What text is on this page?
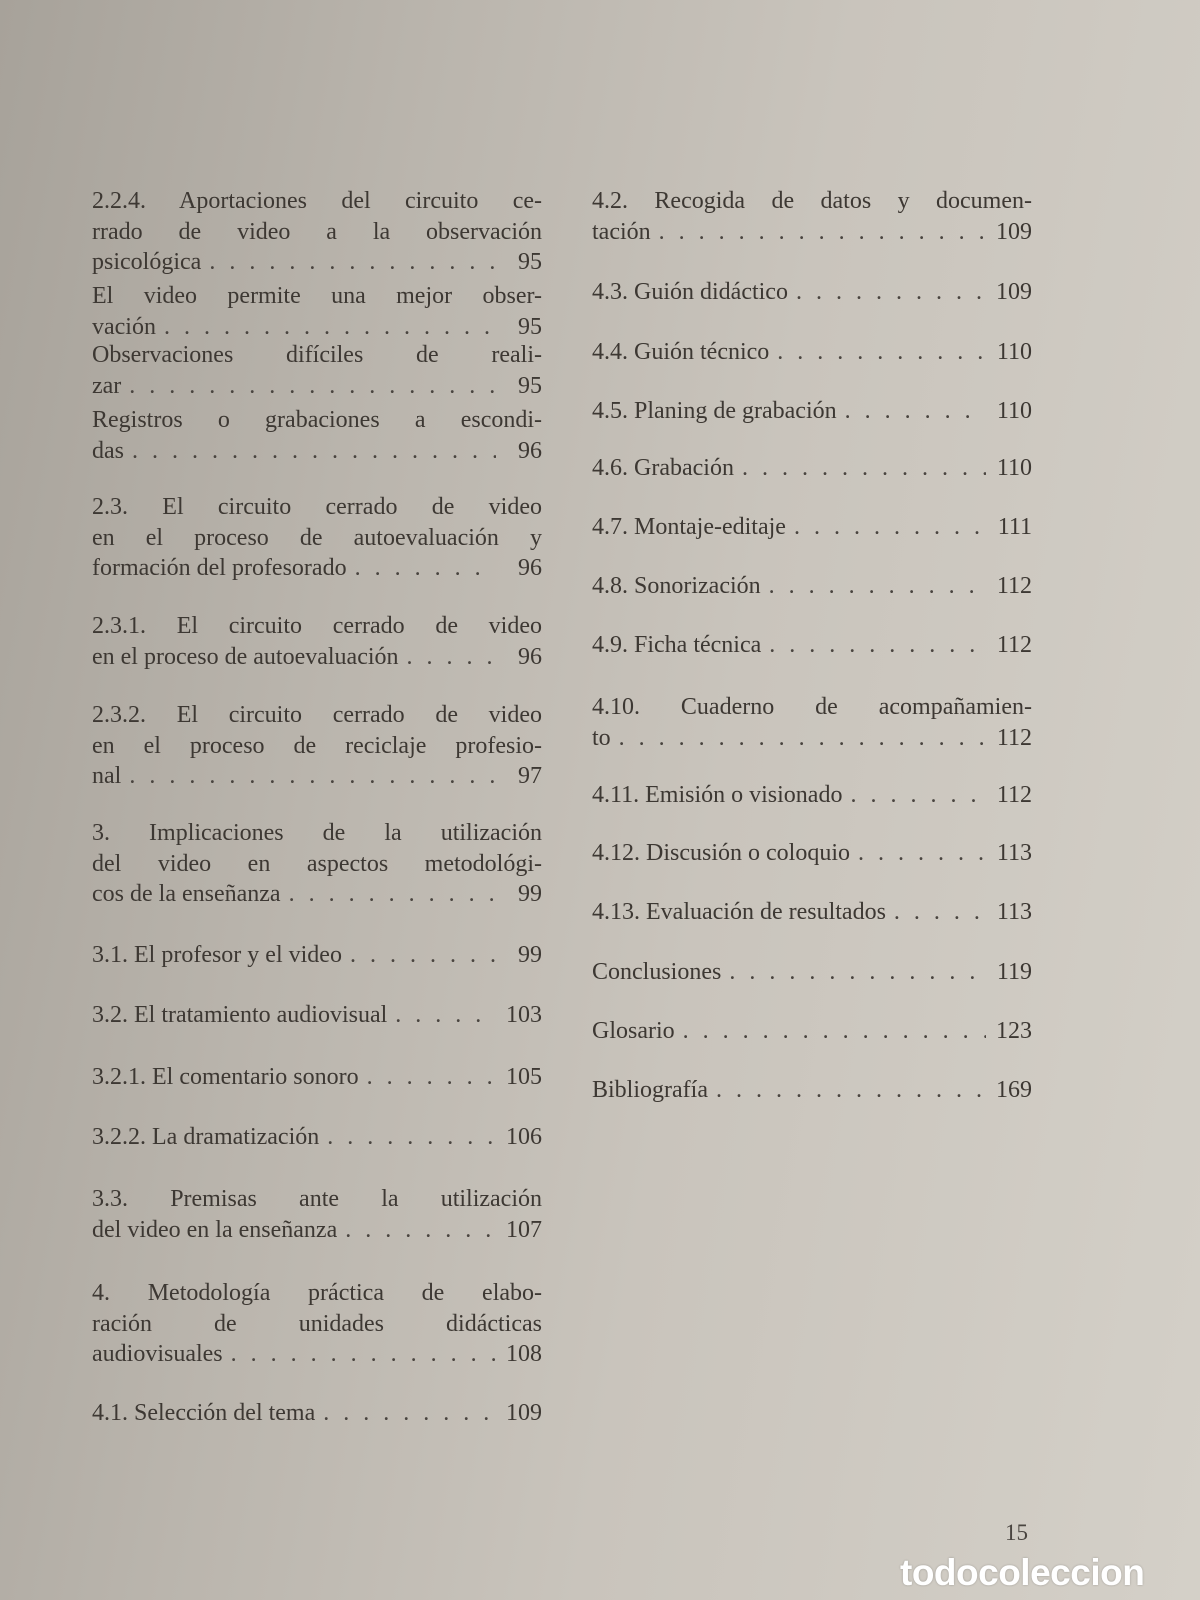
2.2.4. Aportaciones del circuito ce-
rrado de video a la observación
psicológica . . .	95
El video permite una mejor obser-
vación . . .	95
Observaciones difíciles de reali-
zar . . .	95
Registros o grabaciones a escondi-
das . . .	96
2.3. El circuito cerrado de video
en el proceso de autoevaluación y
formación del profesorado . . .	96
2.3.1. El circuito cerrado de video
en el proceso de autoevaluación . . .	96
2.3.2. El circuito cerrado de video
en el proceso de reciclaje profesio-
nal . . .	97
3. Implicaciones de la utilización
del video en aspectos metodológi-
cos de la enseñanza . . .	99
3.1. El profesor y el video . . .	99
3.2. El tratamiento audiovisual . . .	103
3.2.1. El comentario sonoro . . .	105
3.2.2. La dramatización . . .	106
3.3. Premisas ante la utilización
del video en la enseñanza . . .	107
4. Metodología práctica de elabo-
ración de unidades didácticas
audiovisuales . . .	108
4.1. Selección del tema . . .	109
4.2. Recogida de datos y documen-
tación . . .	109
4.3. Guión didáctico . . .	109
4.4. Guión técnico . . .	110
4.5. Planing de grabación . . .	110
4.6. Grabación . . .	110
4.7. Montaje-editaje . . .	111
4.8. Sonorización . . .	112
4.9. Ficha técnica . . .	112
4.10. Cuaderno de acompañamien-
to . . .	112
4.11. Emisión o visionado . . .	112
4.12. Discusión o coloquio . . .	113
4.13. Evaluación de resultados . . .	113
Conclusiones . . .	119
Glosario . . .	123
Bibliografía . . .	169
15
todocoleccion
